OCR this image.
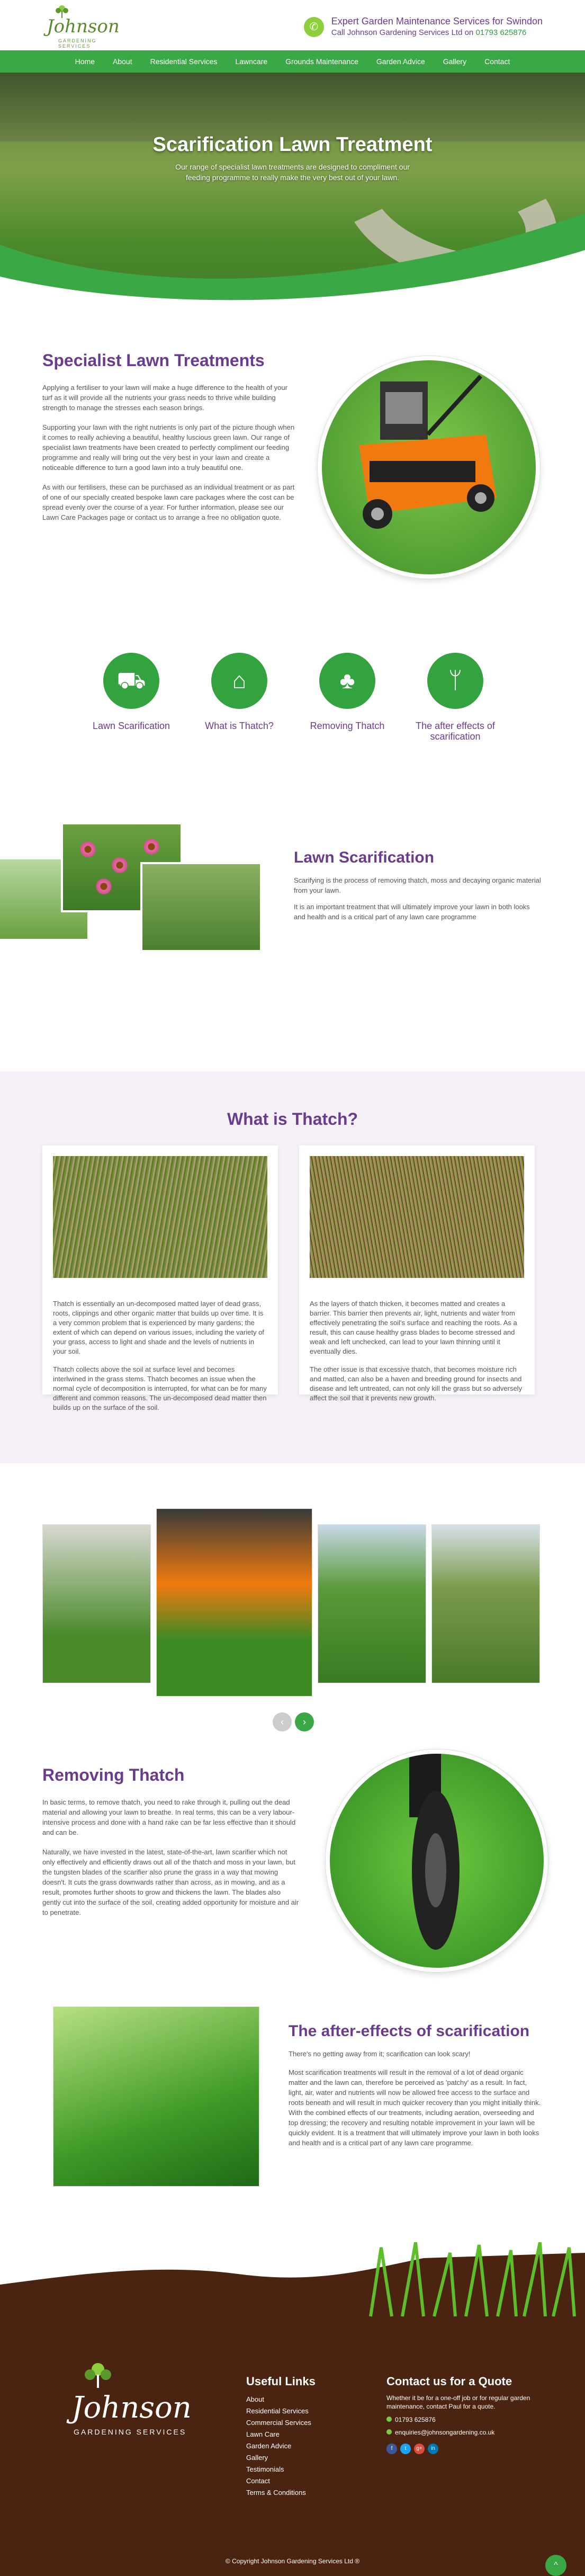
Johnson
GARDENING SERVICES
✆	Expert Garden Maintenance Services for Swindon
Call Johnson Gardening Services Ltd on 01793 625876
Home	About	Residential Services	Lawncare	Grounds Maintenance	Garden Advice	Gallery	Contact
Scarification Lawn Treatment

Our range of specialist lawn treatments are designed to compliment our feeding programme to really make the very best out of your lawn.

Specialist Lawn Treatments

Applying a fertiliser to your lawn will make a huge difference to the health of your turf as it will provide all the nutrients your grass needs to thrive while building strength to manage the stresses each season brings.

Supporting your lawn with the right nutrients is only part of the picture though when it comes to really achieving a beautiful, healthy luscious green lawn. Our range of specialist lawn treatments have been created to perfectly compliment our feeding programme and really will bring out the very best in your lawn and create a noticeable difference to turn a good lawn into a truly beautiful one.

As with our fertilisers, these can be purchased as an individual treatment or as part of one of our specially created bespoke lawn care packages where the cost can be spread evenly over the course of a year. For further information, please see our Lawn Care Packages page or contact us to arrange a free no obligation quote.

⛟
Lawn Scarification
⌂
What is Thatch?
♣
Removing Thatch
ᛘ
The after effects of scarification
Lawn Scarification

Scarifying is the process of removing thatch, moss and decaying organic material from your lawn.

It is an important treatment that will ultimately improve your lawn in both looks and health and is a critical part of any lawn care programme

What is Thatch?

Thatch is essentially an un-decomposed matted layer of dead grass, roots, clippings and other organic matter that builds up over time. It is a very common problem that is experienced by many gardens; the extent of which can depend on various issues, including the variety of your grass, access to light and shade and the levels of nutrients in your soil.

Thatch collects above the soil at surface level and becomes interlwined in the grass stems. Thatch becomes an issue when the normal cycle of decomposition is interrupted, for what can be for many different and common reasons. The un-decomposed dead matter then builds up on the surface of the soil.

As the layers of thatch thicken, it becomes matted and creates a barrier. This barrier then prevents air, light, nutrients and water from effectively penetrating the soil's surface and reaching the roots. As a result, this can cause healthy grass blades to become stressed and weak and left unchecked, can lead to your lawn thinning until it eventually dies.

The other issue is that excessive thatch, that becomes moisture rich and matted, can also be a haven and breeding ground for insects and disease and left untreated, can not only kill the grass but so adversely affect the soil that it prevents new growth.

‹	›
Removing Thatch

In basic terms, to remove thatch, you need to rake through it, pulling out the dead material and allowing your lawn to breathe. In real terms, this can be a very labour-intensive process and done with a hand rake can be far less effective than it should and can be.

Naturally, we have invested in the latest, state-of-the-art, lawn scarifier which not only effectively and efficiently draws out all of the thatch and moss in your lawn, but the tungsten blades of the scarifier also prune the grass in a way that mowing doesn't. It cuts the grass downwards rather than across, as in mowing, and as a result, promotes further shoots to grow and thickens the lawn. The blades also gently cut into the surface of the soil, creating added opportunity for moisture and air to penetrate.

The after-effects of scarification

There's no getting away from it; scarification can look scary!

Most scarification treatments will result in the removal of a lot of dead organic matter and the lawn can, therefore be perceived as 'patchy' as a result. In fact, light, air, water and nutrients will now be allowed free access to the surface and roots beneath and will result in much quicker recovery than you might initially think. With the combined effects of our treatments, including aeration, overseeding and top dressing; the recovery and resulting notable improvement in your lawn will be quickly evident. It is a treatment that will ultimately improve your lawn in both looks and health and is a critical part of any lawn care programme.

Johnson
GARDENING SERVICES
Useful Links
About
Residential Services
Commercial Services
Lawn Care
Garden Advice
Gallery
Testimonials
Contact
Terms & Conditions
Contact us for a Quote

Whether it be for a one-off job or for regular garden maintenance, contact Paul for a quote.

01793 625876
enquiries@johnsongardening.co.uk
f	t	g+	in
© Copyright Johnson Gardening Services Ltd ®	^
